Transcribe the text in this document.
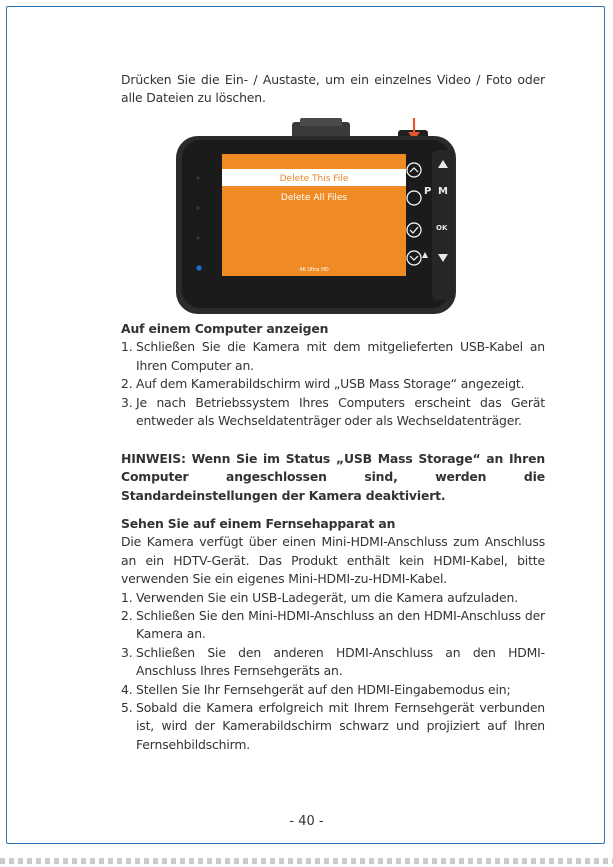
Drücken Sie die Ein- / Austaste, um ein einzelnes Video / Foto oder alle Dateien zu löschen.
Delete This File
Delete All Files
4K Ultra HD
P M
OK
Auf einem Computer anzeigen
1. Schließen Sie die Kamera mit dem mitgelieferten USB-Kabel an Ihren Computer an.
2. Auf dem Kamerabildschirm wird „USB Mass Storage“ angezeigt.
3. Je nach Betriebssystem Ihres Computers erscheint das Gerät entweder als Wechseldatenträger oder als Wechseldatenträger.
HINWEIS: Wenn Sie im Status „USB Mass Storage“ an Ihren Computer angeschlossen sind, werden die Standardeinstellungen der Kamera deaktiviert.
Sehen Sie auf einem Fernsehapparat an
Die Kamera verfügt über einen Mini-HDMI-Anschluss zum Anschluss an ein HDTV-Gerät. Das Produkt enthält kein HDMI-Kabel, bitte verwenden Sie ein eigenes Mini-HDMI-zu-HDMI-Kabel.
1. Verwenden Sie ein USB-Ladegerät, um die Kamera aufzuladen.
2. Schließen Sie den Mini-HDMI-Anschluss an den HDMI-Anschluss der Kamera an.
3. Schließen Sie den anderen HDMI-Anschluss an den HDMI- Anschluss Ihres Fernsehgeräts an.
4. Stellen Sie Ihr Fernsehgerät auf den HDMI-Eingabemodus ein;
5. Sobald die Kamera erfolgreich mit Ihrem Fernsehgerät verbunden ist, wird der Kamerabildschirm schwarz und projiziert auf Ihren Fernsehbildschirm.
- 40 -
